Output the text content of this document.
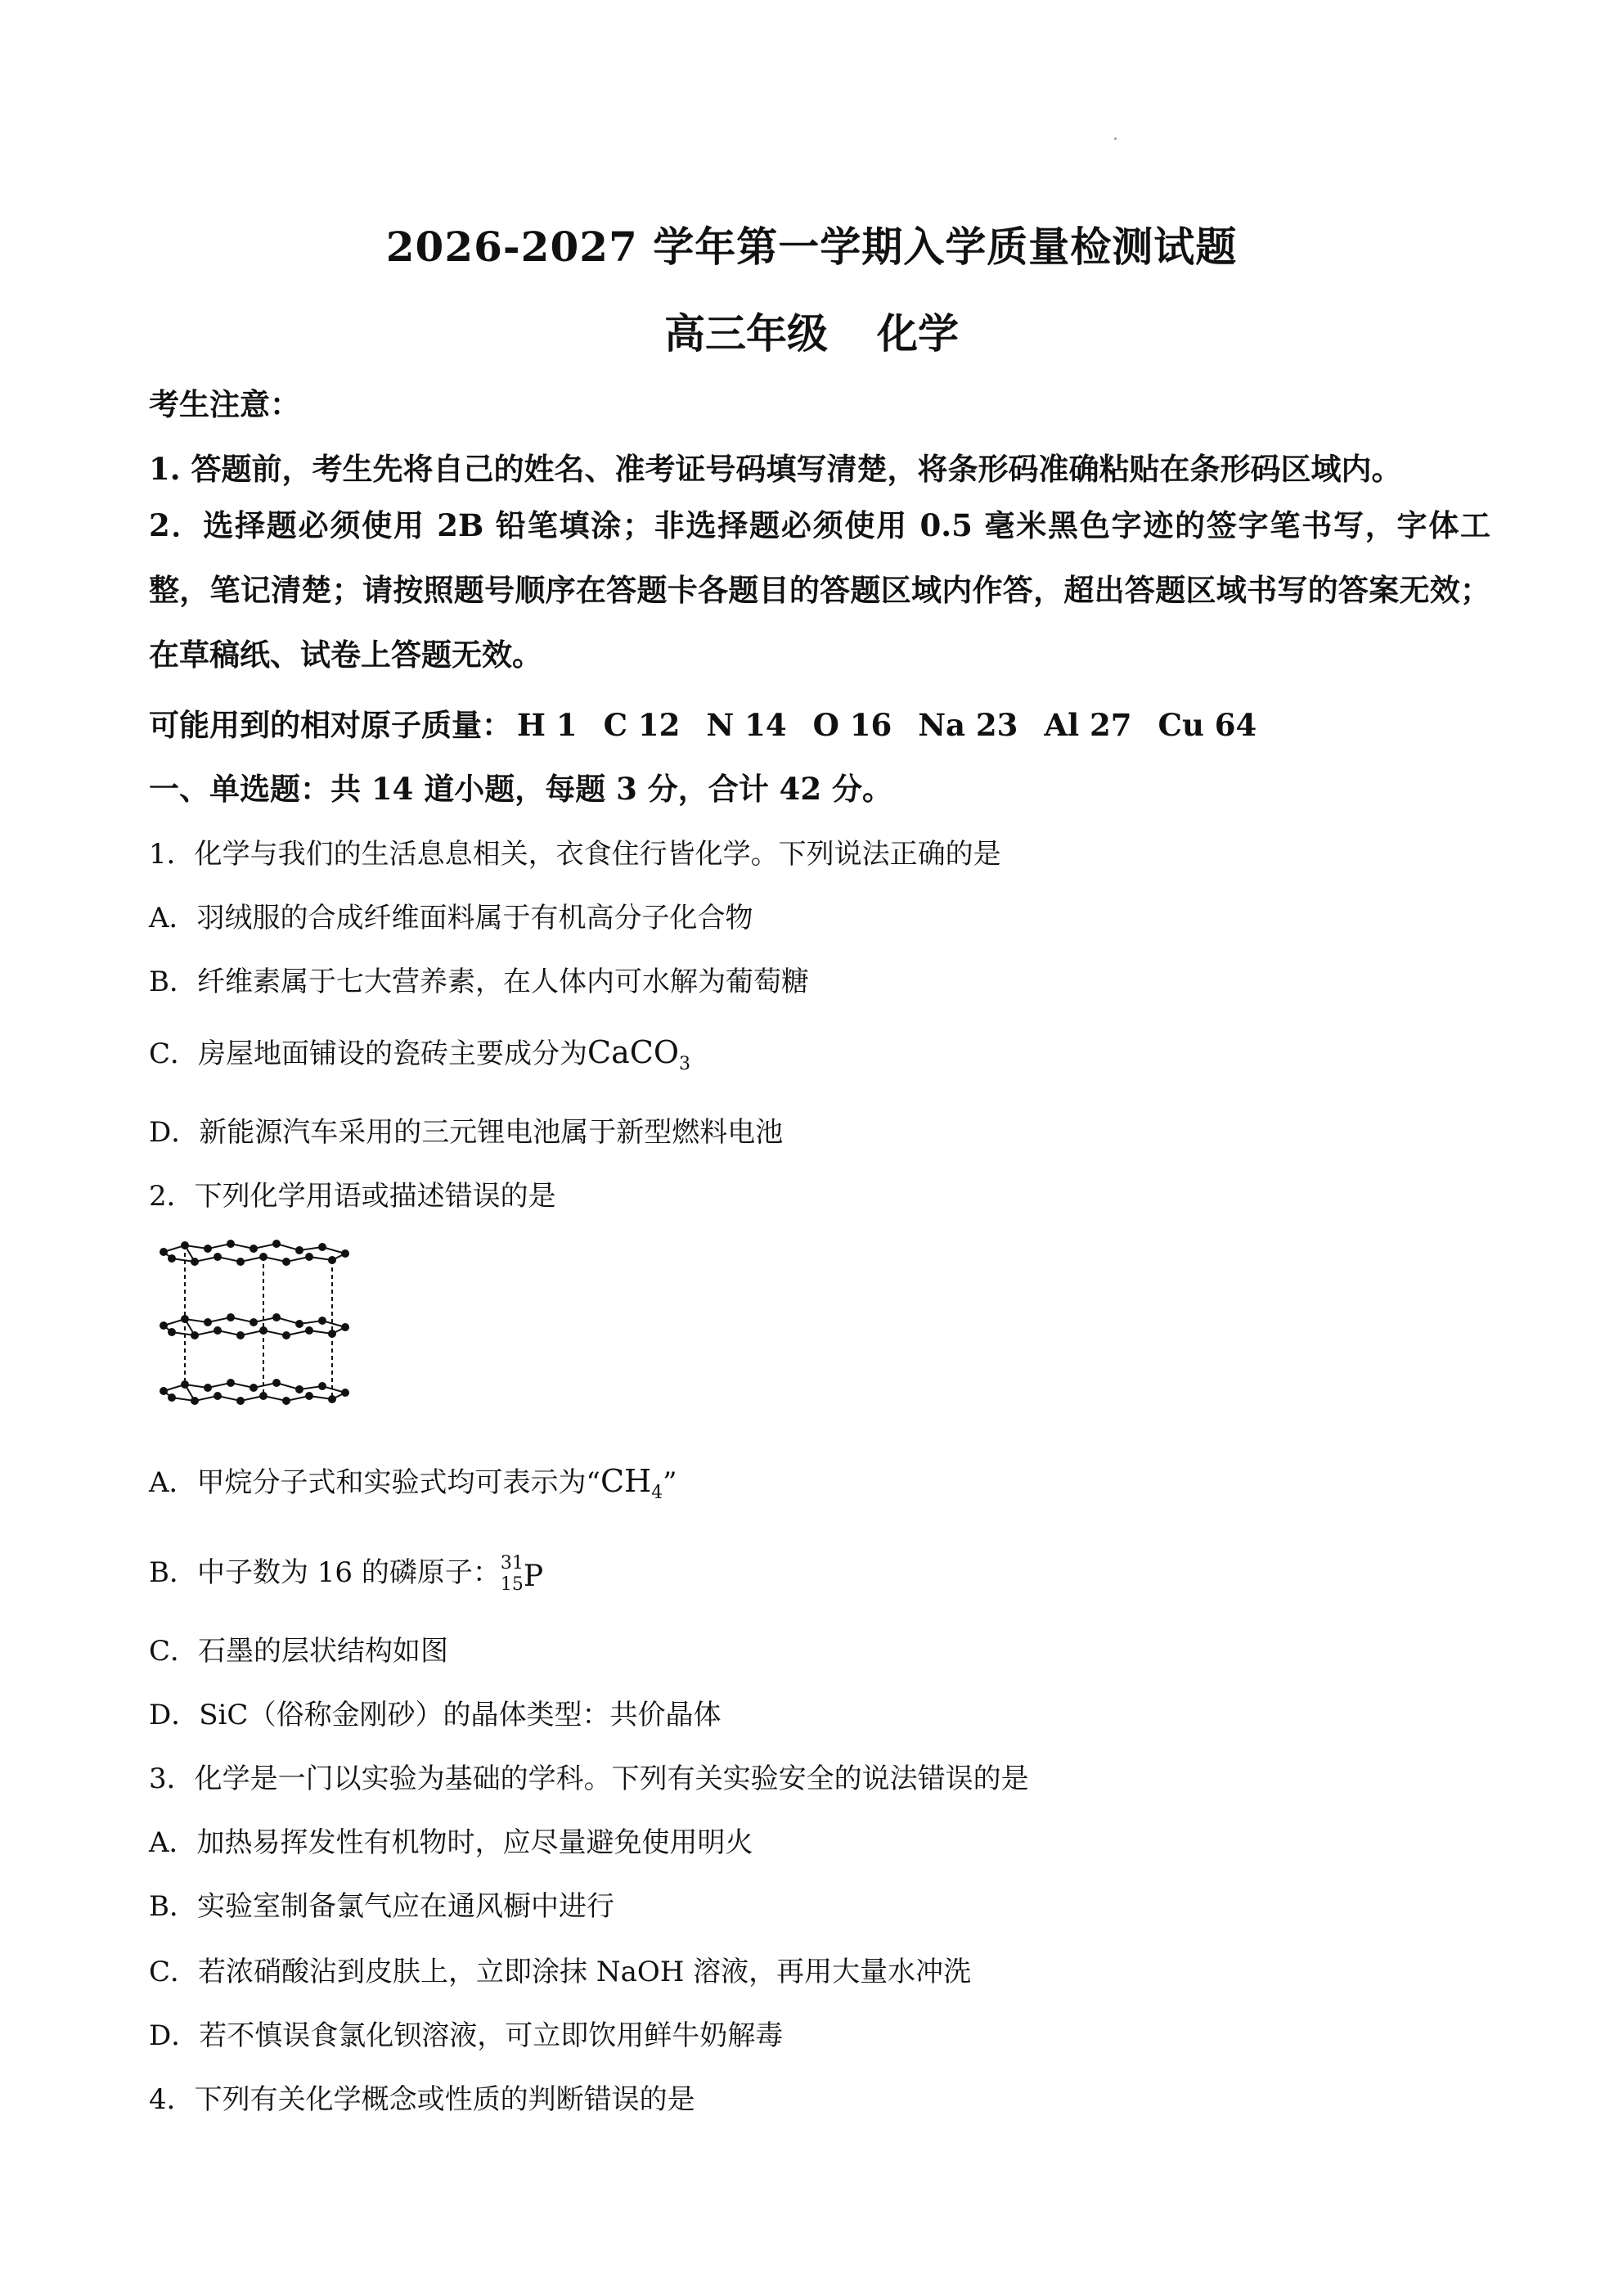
2026-2027 学年第一学期入学质量检测试题
高三年级 化学
考生注意：
1. 答题前，考生先将自己的姓名、准考证号码填写清楚，将条形码准确粘贴在条形码区域内。
2．选择题必须使用 2B 铅笔填涂；非选择题必须使用 0.5 毫米黑色字迹的签字笔书写，字体工整，笔记清楚；请按照题号顺序在答题卡各题目的答题区域内作答，超出答题区域书写的答案无效；在草稿纸、试卷上答题无效。
可能用到的相对原子质量： H 1 C 12 N 14 O 16 Na 23 Al 27 Cu 64
一、单选题：共 14 道小题，每题 3 分，合计 42 分。
1．化学与我们的生活息息相关，衣食住行皆化学。下列说法正确的是
A．羽绒服的合成纤维面料属于有机高分子化合物
B．纤维素属于七大营养素，在人体内可水解为葡萄糖
C．房屋地面铺设的瓷砖主要成分为CaCO$_3$
D．新能源汽车采用的三元锂电池属于新型燃料电池
2．下列化学用语或描述错误的是
A．甲烷分子式和实验式均可表示为“$CH_4$”
B．中子数为 16 的磷原子： 31
15 P
C．石墨的层状结构如图
D．SiC（俗称金刚砂）的晶体类型：共价晶体
3．化学是一门以实验为基础的学科。下列有关实验安全的说法错误的是
A．加热易挥发性有机物时，应尽量避免使用明火
B．实验室制备氯气应在通风橱中进行
C．若浓硝酸沾到皮肤上，立即涂抹 NaOH 溶液，再用大量水冲洗
D．若不慎误食氯化钡溶液，可立即饮用鲜牛奶解毒
4．下列有关化学概念或性质的判断错误的是
